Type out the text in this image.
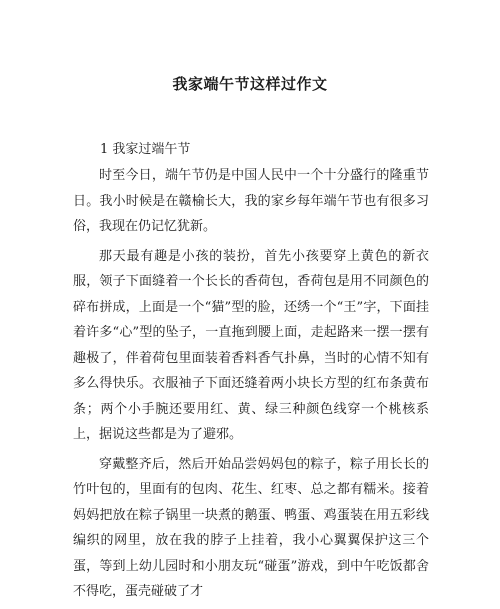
我家端午节这样过作文

1 我家过端午节

时至今日，端午节仍是中国人民中一个十分盛行的隆重节日。我小时候是在赣榆长大，我的家乡每年端午节也有很多习俗，我现在仍记忆犹新。

那天最有趣是小孩的装扮，首先小孩要穿上黄色的新衣服，领子下面缝着一个长长的香荷包，香荷包是用不同颜色的碎布拼成，上面是一个“猫”型的脸，还绣一个“王”字，下面挂着许多“心”型的坠子，一直拖到腰上面，走起路来一摆一摆有趣极了，伴着荷包里面装着香料香气扑鼻，当时的心情不知有多么得快乐。衣服袖子下面还缝着两小块长方型的红布条黄布条；两个小手腕还要用红、黄、绿三种颜色线穿一个桃核系上，据说这些都是为了避邪。

穿戴整齐后，然后开始品尝妈妈包的粽子，粽子用长长的竹叶包的，里面有的包肉、花生、红枣、总之都有糯米。接着妈妈把放在粽子锅里一块煮的鹅蛋、鸭蛋、鸡蛋装在用五彩线编织的网里，放在我的脖子上挂着，我小心翼翼保护这三个蛋，等到上幼儿园时和小朋友玩“碰蛋”游戏，到中午吃饭都舍不得吃，蛋壳碰破了才
